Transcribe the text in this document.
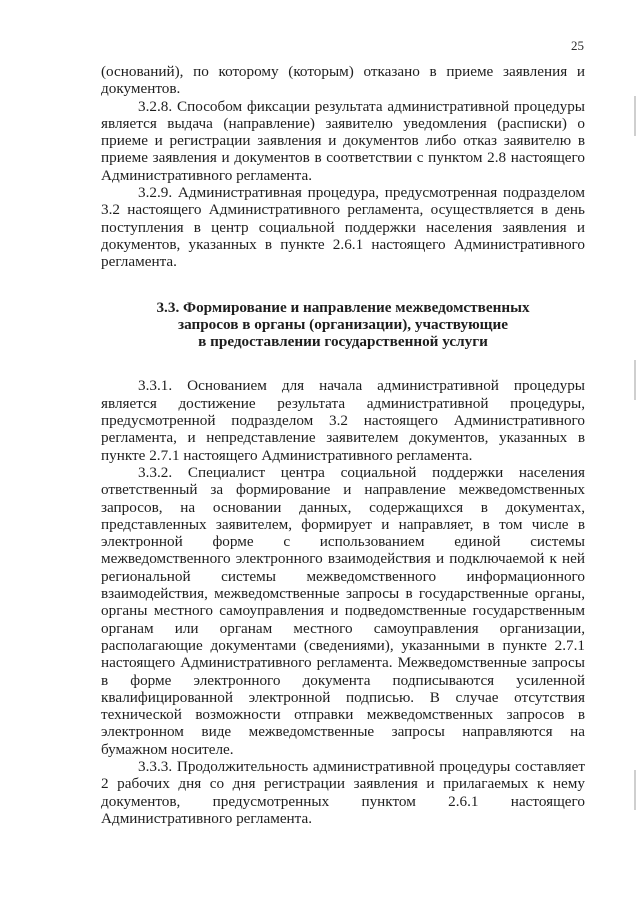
25

(оснований), по которому (которым) отказано в приеме заявления и документов.

3.2.8. Способом фиксации результата административной процедуры является выдача (направление) заявителю уведомления (расписки) о приеме и регистрации заявления и документов либо отказ заявителю в приеме заявления и документов в соответствии с пунктом 2.8 настоящего Административного регламента.

3.2.9. Административная процедура, предусмотренная подразделом 3.2 настоящего Административного регламента, осуществляется в день поступления в центр социальной поддержки населения заявления и документов, указанных в пункте 2.6.1 настоящего Административного регламента.

3.3. Формирование и направление межведомственных
запросов в органы (организации), участвующие
в предоставлении государственной услуги

3.3.1. Основанием для начала административной процедуры является достижение результата административной процедуры, предусмотренной подразделом 3.2 настоящего Административного регламента, и непредставление заявителем документов, указанных в пункте 2.7.1 настоящего Административного регламента.

3.3.2. Специалист центра социальной поддержки населения ответственный за формирование и направление межведомственных запросов, на основании данных, содержащихся в документах, представленных заявителем, формирует и направляет, в том числе в электронной форме с использованием единой системы межведомственного электронного взаимодействия и подключаемой к ней региональной системы межведомственного информационного взаимодействия, межведомственные запросы в государственные органы, органы местного самоуправления и подведомственные государственным органам или органам местного самоуправления организации, располагающие документами (сведениями), указанными в пункте 2.7.1 настоящего Административного регламента. Межведомственные запросы в форме электронного документа подписываются усиленной квалифицированной электронной подписью. В случае отсутствия технической возможности отправки межведомственных запросов в электронном виде межведомственные запросы направляются на бумажном носителе.

3.3.3. Продолжительность административной процедуры составляет 2 рабочих дня со дня регистрации заявления и прилагаемых к нему документов, предусмотренных пунктом 2.6.1 настоящего Административного регламента.
